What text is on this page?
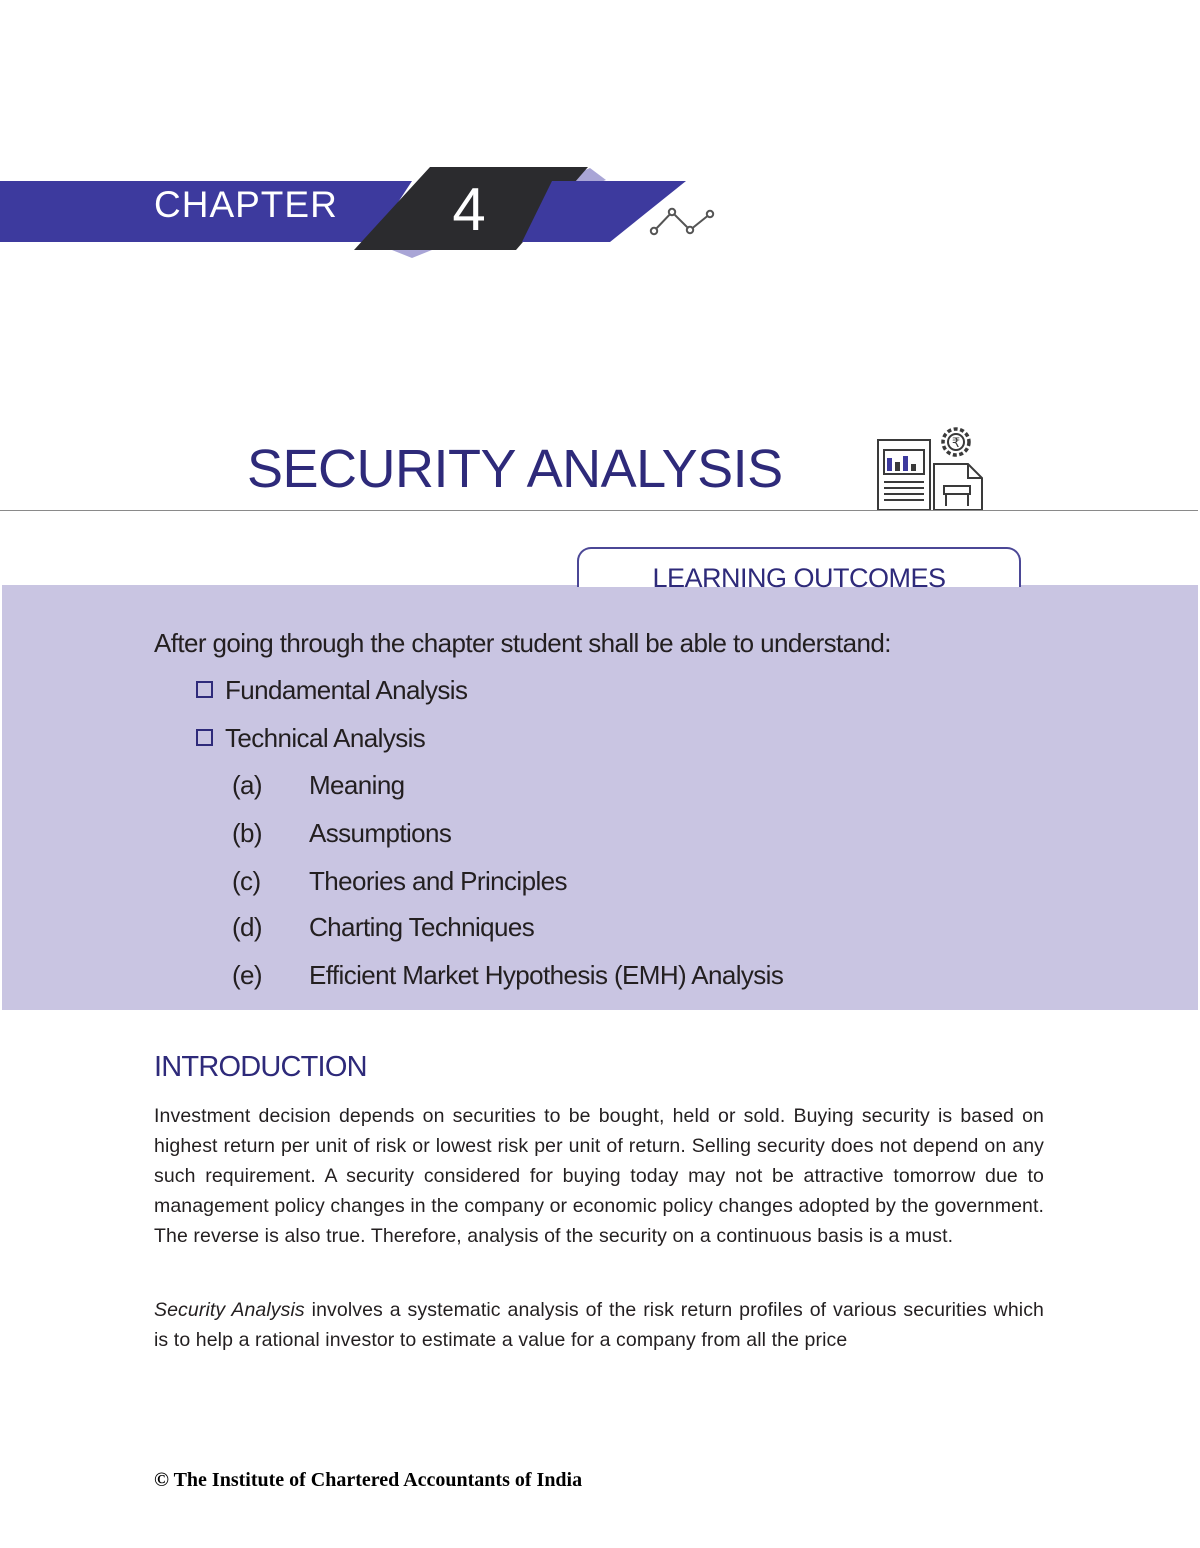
CHAPTER 4
SECURITY ANALYSIS	₹
LEARNING OUTCOMES
After going through the chapter student shall be able to understand:
Fundamental Analysis
Technical Analysis
(a) Meaning
(b) Assumptions
(c) Theories and Principles
(d) Charting Techniques
(e) Efficient Market Hypothesis (EMH) Analysis
INTRODUCTION

Investment decision depends on securities to be bought, held or sold. Buying security is based on highest return per unit of risk or lowest risk per unit of return. Selling security does not depend on any such requirement. A security considered for buying today may not be attractive tomorrow due to management policy changes in the company or economic policy changes adopted by the government. The reverse is also true. Therefore, analysis of the security on a continuous basis is a must.

Security Analysis involves a systematic analysis of the risk return profiles of various securities which is to help a rational investor to estimate a value for a company from all the price

© The Institute of Chartered Accountants of India
